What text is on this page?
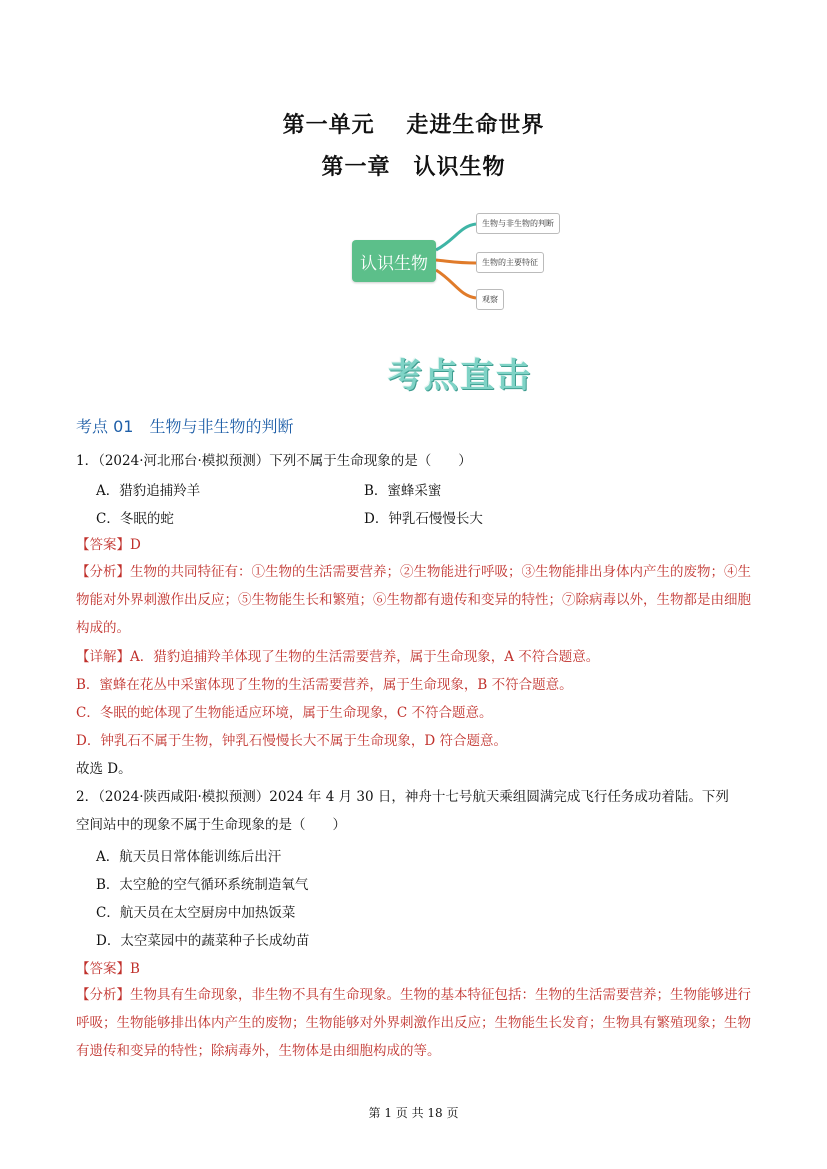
第一单元　 走进生命世界
第一章　认识生物
认识生物
生物与非生物的判断
生物的主要特征
观察
考点直击
考点 01　生物与非生物的判断
1．（2024·河北邢台·模拟预测）下列不属于生命现象的是（　　）
A．猎豹追捕羚羊	B．蜜蜂采蜜
C．冬眠的蛇	D．钟乳石慢慢长大
【答案】D
【分析】生物的共同特征有：①生物的生活需要营养；②生物能进行呼吸；③生物能排出身体内产生的废物；④生物能对外界刺激作出反应；⑤生物能生长和繁殖；⑥生物都有遗传和变异的特性；⑦除病毒以外，生物都是由细胞构成的。
【详解】A．猎豹追捕羚羊体现了生物的生活需要营养，属于生命现象，A 不符合题意。
B．蜜蜂在花丛中采蜜体现了生物的生活需要营养，属于生命现象，B 不符合题意。
C．冬眠的蛇体现了生物能适应环境，属于生命现象，C 不符合题意。
D．钟乳石不属于生物，钟乳石慢慢长大不属于生命现象，D 符合题意。
故选 D。
2．（2024·陕西咸阳·模拟预测）2024 年 4 月 30 日，神舟十七号航天乘组圆满完成飞行任务成功着陆。下列
空间站中的现象不属于生命现象的是（　　）
A．航天员日常体能训练后出汗
B．太空舱的空气循环系统制造氧气
C．航天员在太空厨房中加热饭菜
D．太空菜园中的蔬菜种子长成幼苗
【答案】B
【分析】生物具有生命现象，非生物不具有生命现象。生物的基本特征包括：生物的生活需要营养；生物能够进行呼吸；生物能够排出体内产生的废物；生物能够对外界刺激作出反应；生物能生长发育；生物具有繁殖现象；生物有遗传和变异的特性；除病毒外，生物体是由细胞构成的等。
第 1 页 共 18 页
